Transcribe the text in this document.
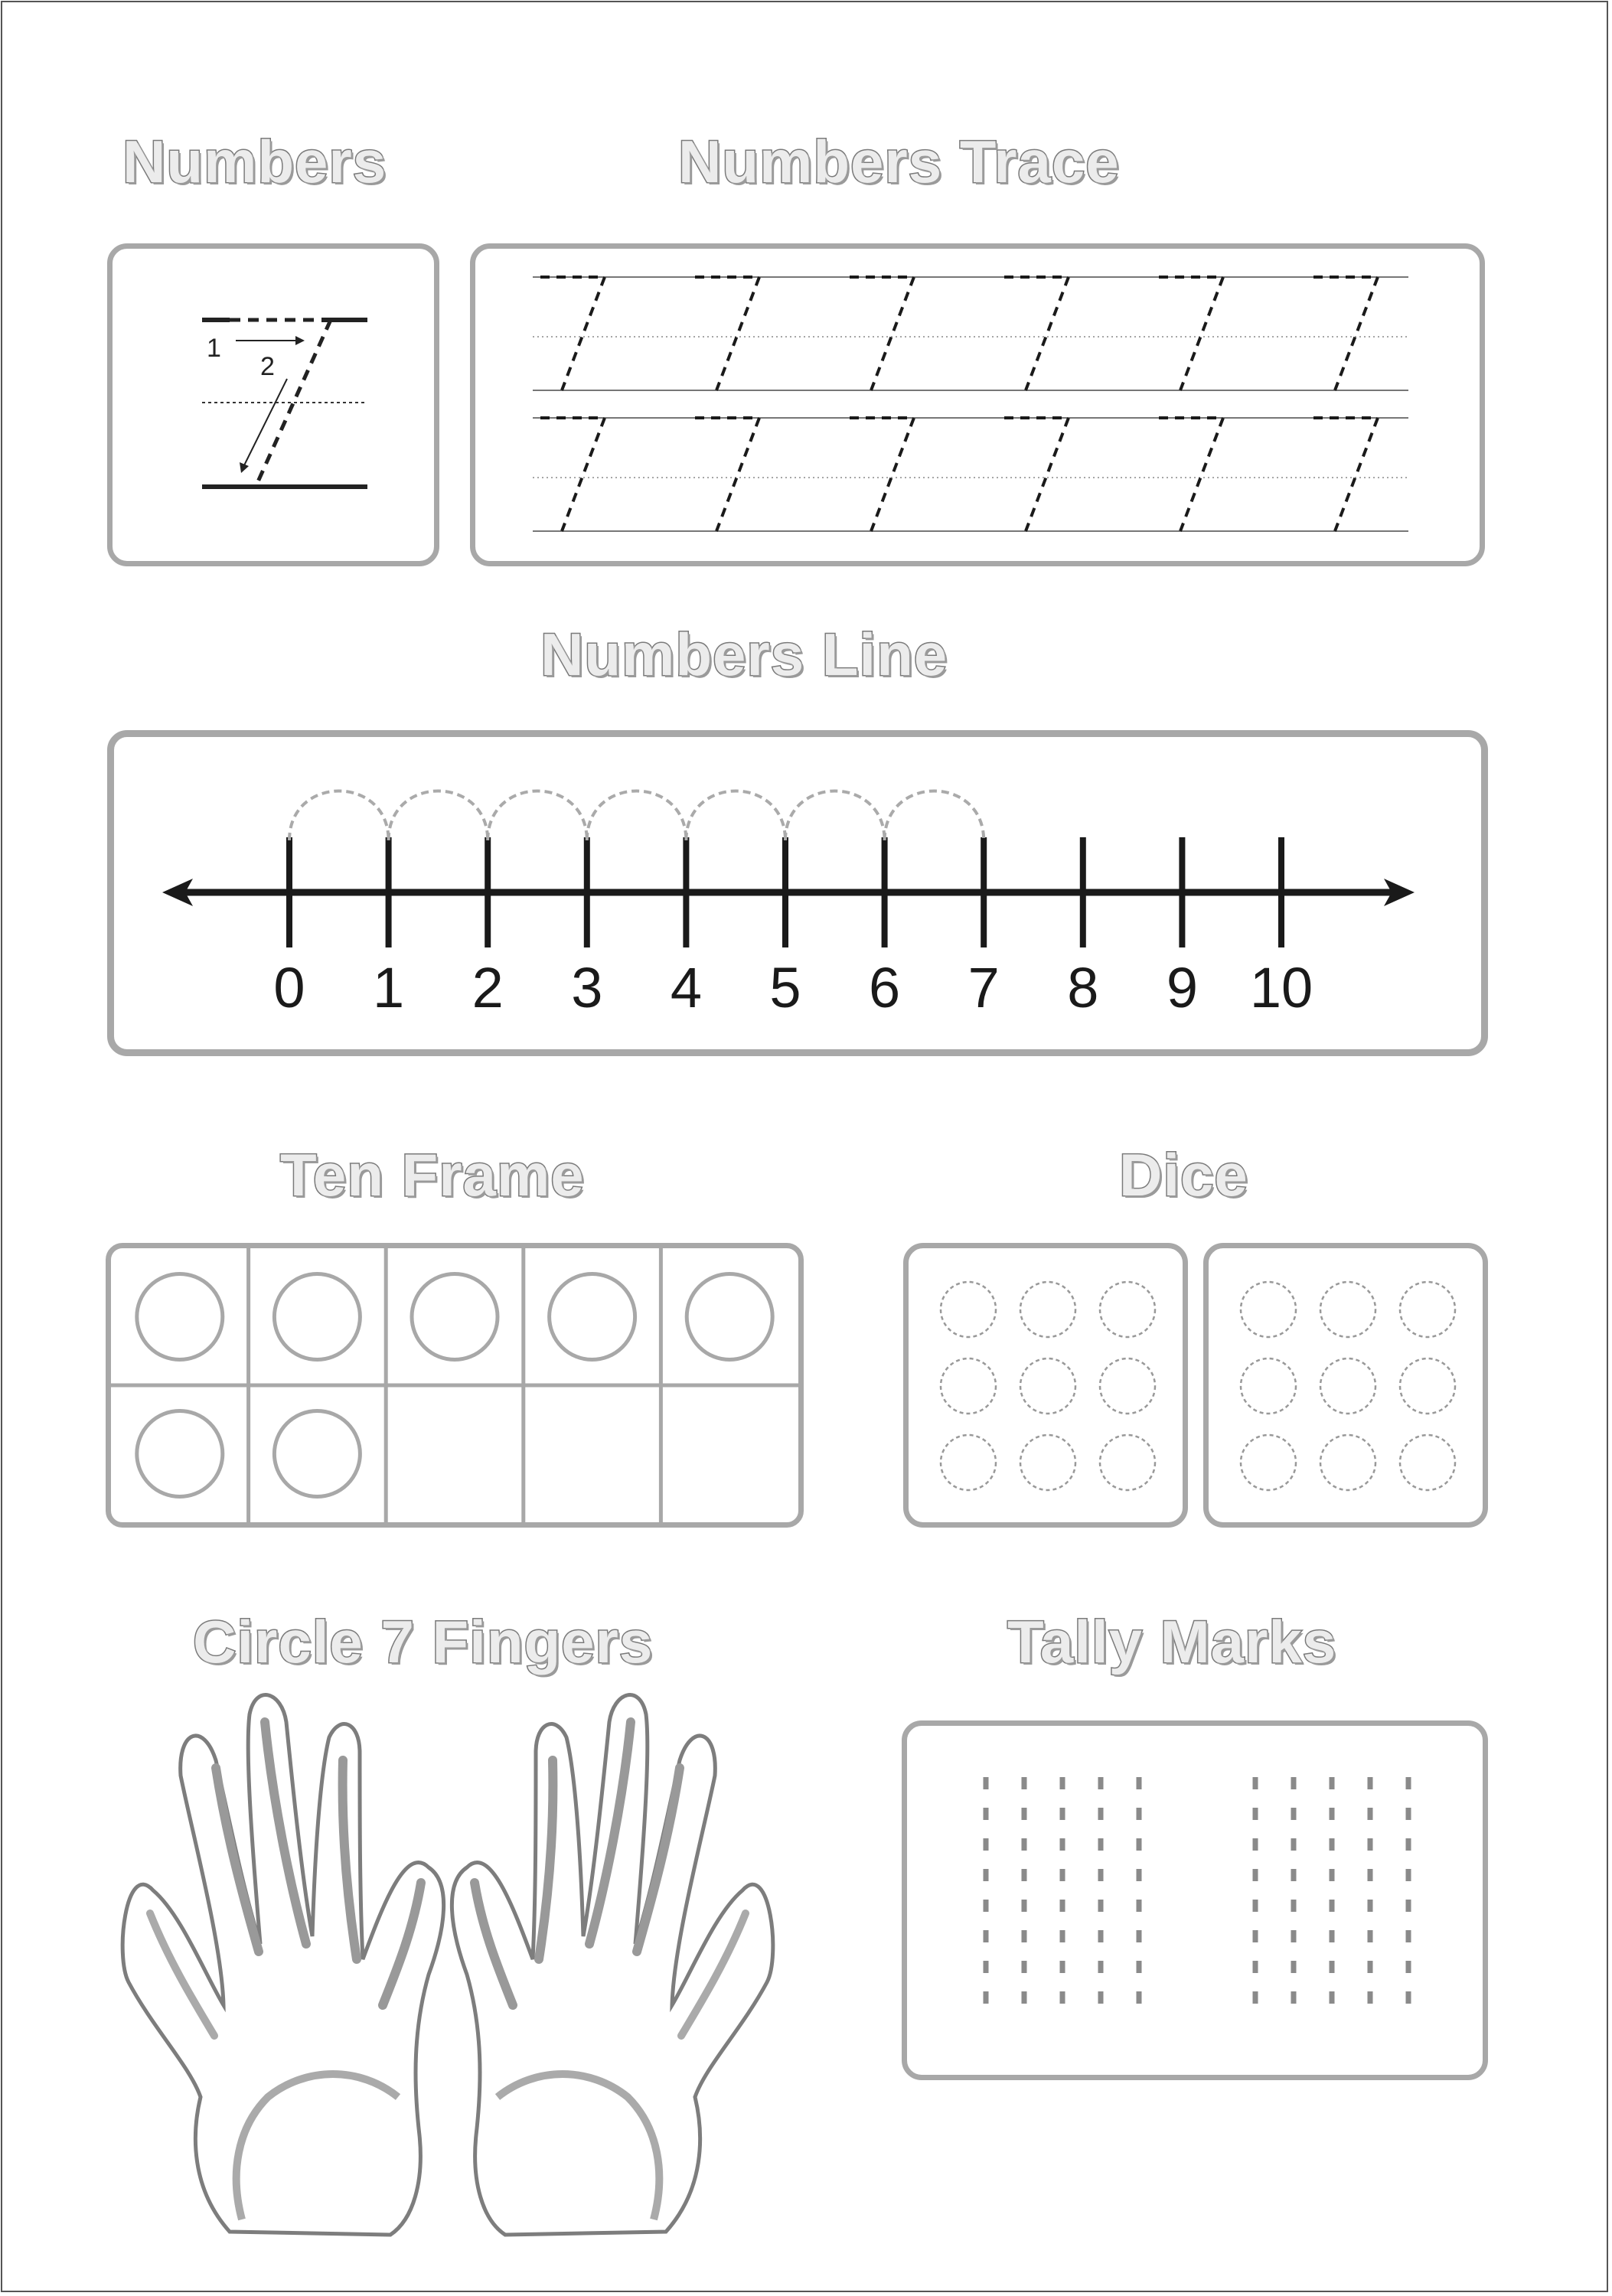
Numbers	Numbers Trace
Numbers Line
Ten Frame	Dice
Circle 7 Fingers	Tally Marks
1
2
0 1 2 3 4 5 6 7 8 9 10
